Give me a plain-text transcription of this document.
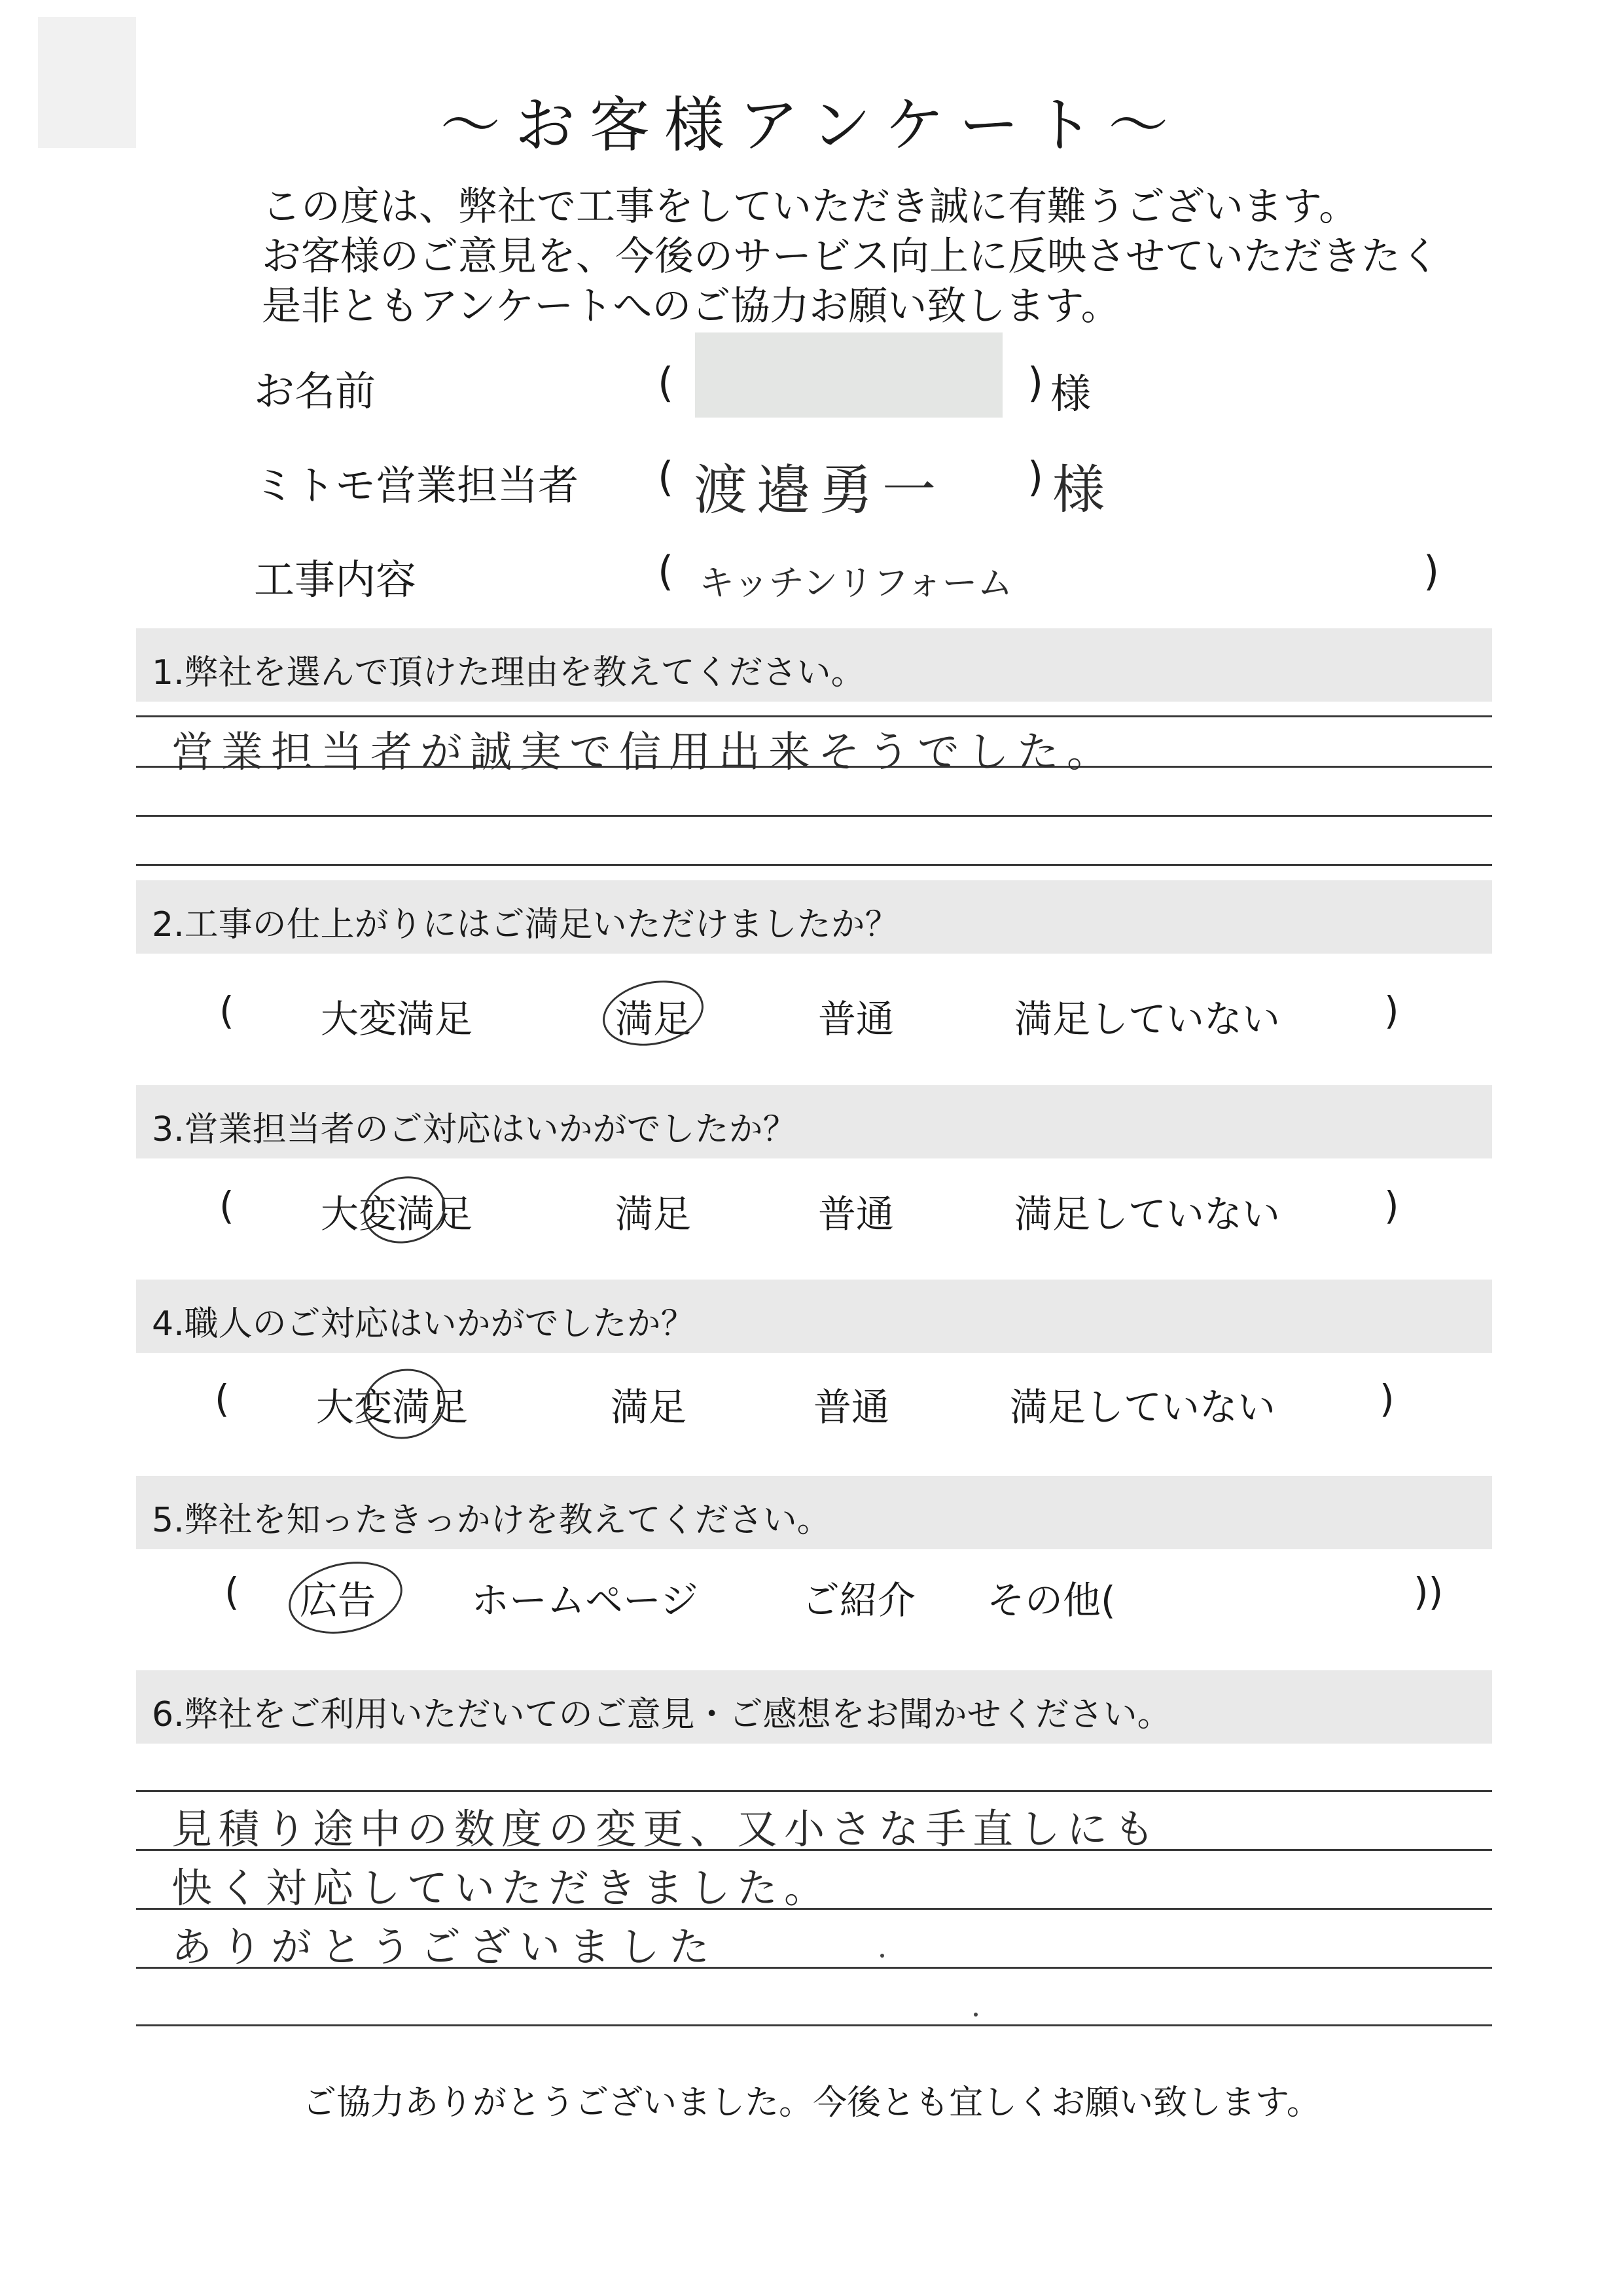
〜お客様アンケート〜
この度は、弊社で工事をしていただき誠に有難うございます。
お客様のご意見を、今後のサービス向上に反映させていただきたく
是非ともアンケートへのご協力お願い致します。
お名前	(	) 様
ミトモ営業担当者 ( 渡邉勇一 ) 様
工事内容	( キッチンリフォーム	)
1.弊社を選んで頂けた理由を教えてください。
営業担当者が誠実で信用出来そうでした。
2.工事の仕上がりにはご満足いただけましたか？
( 大変満足	満足	普通	満足していない	)
3.営業担当者のご対応はいかがでしたか？
( 大変満足	満足	普通	満足していない	)
4.職人のご対応はいかがでしたか？
( 大変満足	満足	普通	満足していない	)
5.弊社を知ったきっかけを教えてください。
( 広告	ホームページ	ご紹介 その他(	))
6.弊社をご利用いただいてのご意見・ご感想をお聞かせください。
見積り途中の数度の変更、又小さな手直しにも
快く対応していただきました。
ありがとうございました
ご協力ありがとうございました。今後とも宜しくお願い致します。
